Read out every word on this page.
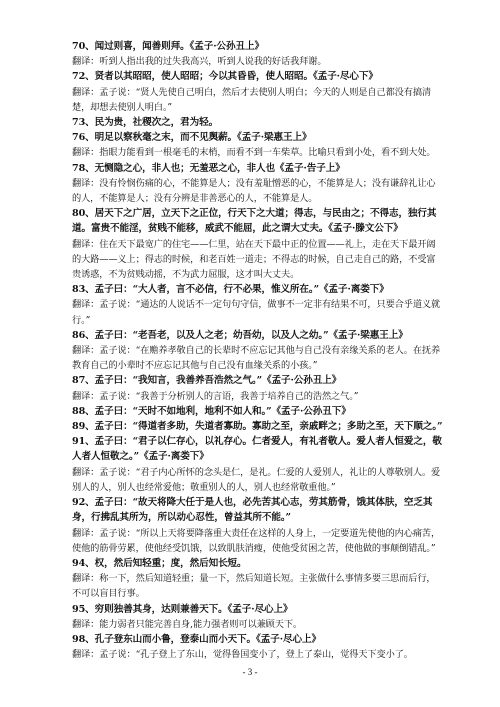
70、闻过则喜，闻善则拜。《孟子·公孙丑上》
翻译：听到人指出我的过失我高兴，听到人说我的好话我拜谢。
72、贤者以其昭昭，使人昭昭；今以其昏昏，使人昭昭。《孟子·尽心下》
翻译：孟子说：“贤人先使自己明白，然后才去使别人明白；今天的人则是自己都没有搞清楚，却想去使别人明白。”
73、民为贵，社稷次之，君为轻。
76、明足以察秋毫之末，而不见舆薪。《孟子·梁惠王上》
翻译：指眼力能看到一根毫毛的末梢，而看不到一车柴草。比喻只看到小处，看不到大处。
78、无恻隐之心，非人也；无羞恶之心，非人也《孟子·告子上》
翻译：没有怜悯伤痛的心，不能算是人；没有羞耻憎恶的心，不能算是人；没有谦辞礼让心的人，不能算是人；没有分辨是非善恶心的人，不能算是人。
80、居天下之广居，立天下之正位，行天下之大道；得志，与民由之；不得志，独行其道。富贵不能淫，贫贱不能移，威武不能屈，此之谓大丈夫。《孟子·滕文公下》
翻译：住在天下最宽广的住宅——仁里，站在天下最中正的位置——礼上，走在天下最开阔的大路——义上；得志的时候，和老百姓一道走；不得志的时候，自己走自己的路，不受富贵诱惑，不为贫贱动摇，不为武力屈服，这才叫大丈夫。
83、孟子曰：“大人者，言不必信，行不必果，惟义所在。”《孟子·离娄下》
翻译：孟子说：“通达的人说话不一定句句守信，做事不一定非有结果不可，只要合乎道义就行。”
86、孟子曰：“老吾老，以及人之老；幼吾幼，以及人之幼。”《孟子·梁惠王上》
翻译：孟子说：“在赡养孝敬自己的长辈时不应忘记其他与自己没有亲缘关系的老人。在抚养教育自己的小辈时不应忘记其他与自己没有血缘关系的小孩。”
87、孟子曰：“我知言，我善养吾浩然之气。”《孟子·公孙丑上》
翻译：孟子说：“我善于分析别人的言语，我善于培养自己的浩然之气。”
88、孟子曰：“天时不如地利，地利不如人和。”《孟子·公孙丑下》
89、孟子曰：“得道者多助，失道者寡助。寡助之至，亲戚畔之；多助之至，天下顺之。”
91、孟子曰：“君子以仁存心，以礼存心。仁者爱人，有礼者敬人。爱人者人恒爱之，敬人者人恒敬之。”《孟子·离娄下》
翻译：孟子说：“君子内心所怀的念头是仁，是礼。仁爱的人爱别人，礼让的人尊敬别人。爱别人的人，别人也经常爱他；敬重别人的人，别人也经常敬重他。”
92、孟子曰：“故天将降大任于是人也，必先苦其心志，劳其筋骨，饿其体肤，空乏其身，行拂乱其所为，所以动心忍性，曾益其所不能。”
翻译：孟子说：“所以上天将要降落重大责任在这样的人身上，一定要道先使他的内心痛苦，使他的筋骨劳累，使他经受饥饿，以致肌肤消瘦，使他受贫困之苦，使他做的事颠倒错乱。”
94、权，然后知轻重；度，然后知长短。
翻译：称一下，然后知道轻重；量一下，然后知道长短。主张做什么事情多要三思而后行，不可以盲目行事。
95、穷则独善其身，达则兼善天下。《孟子·尽心上》
翻译：能力弱者只能完善自身,能力强者则可以兼顾天下。
98、孔子登东山而小鲁，登泰山而小天下。《孟子·尽心上》
翻译：孟子说：“孔子登上了东山，觉得鲁国变小了，登上了泰山，觉得天下变小了。
- 3 -
